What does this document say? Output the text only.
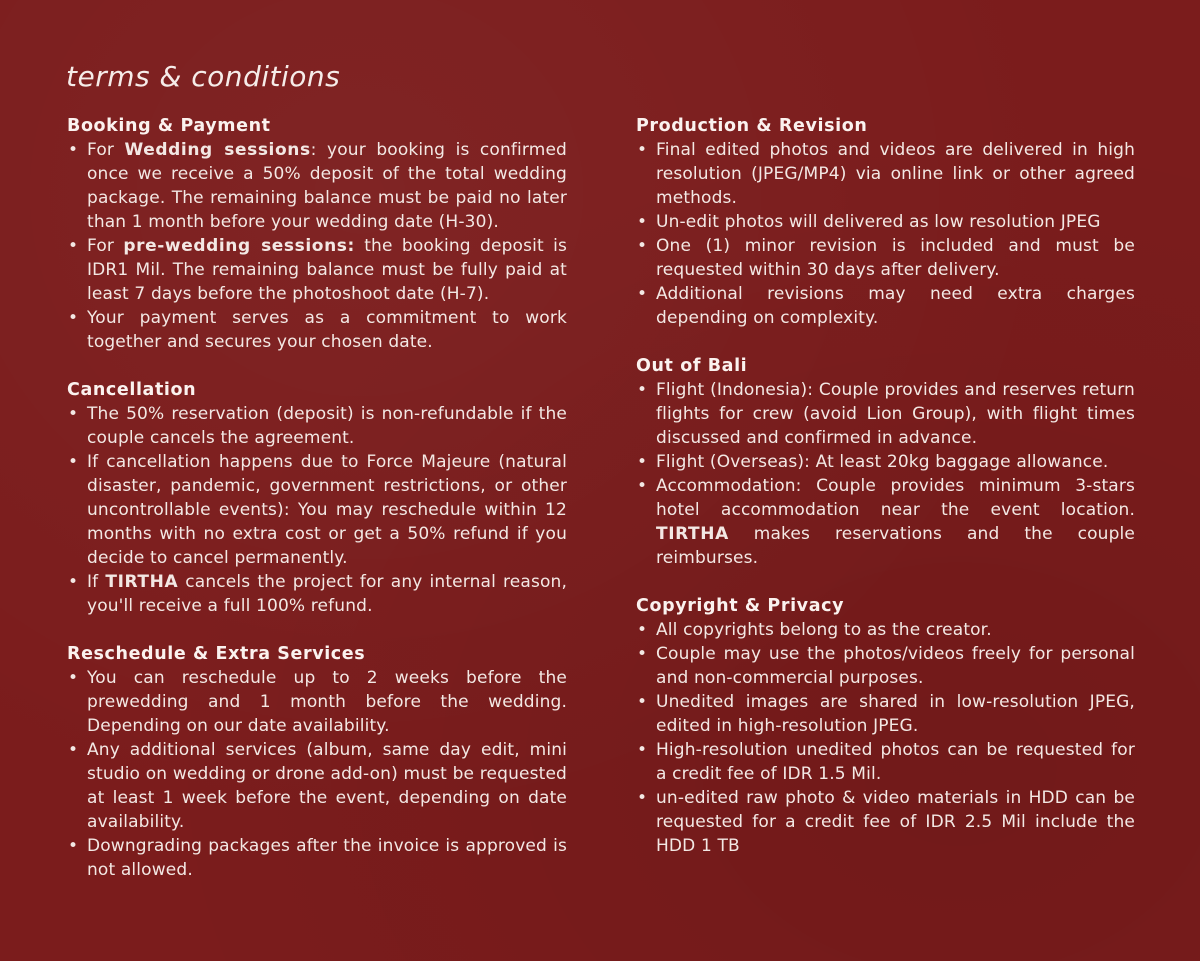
terms & conditions
Booking & Payment
• For Wedding sessions: your booking is confirmed once we receive a 50% deposit of the total wedding package. The remaining balance must be paid no later than 1 month before your wedding date (H-30).
• For pre-wedding sessions: the booking deposit is IDR1 Mil. The remaining balance must be fully paid at least 7 days before the photoshoot date (H-7).
• Your payment serves as a commitment to work together and secures your chosen date.
Cancellation
• The 50% reservation (deposit) is non-refundable if the couple cancels the agreement.
• If cancellation happens due to Force Majeure (natural disaster, pandemic, government restrictions, or other uncontrollable events): You may reschedule within 12 months with no extra cost or get a 50% refund if you decide to cancel permanently.
• If TIRTHA cancels the project for any internal reason, you'll receive a full 100% refund.
Reschedule & Extra Services
• You can reschedule up to 2 weeks before the prewedding and 1 month before the wedding. Depending on our date availability.
• Any additional services (album, same day edit, mini studio on wedding or drone add-on) must be requested at least 1 week before the event, depending on date availability.
• Downgrading packages after the invoice is approved is not allowed.
Production & Revision
• Final edited photos and videos are delivered in high resolution (JPEG/MP4) via online link or other agreed methods.
• Un-edit photos will delivered as low resolution JPEG
• One (1) minor revision is included and must be requested within 30 days after delivery.
• Additional revisions may need extra charges depending on complexity.
Out of Bali
• Flight (Indonesia): Couple provides and reserves return flights for crew (avoid Lion Group), with flight times discussed and confirmed in advance.
• Flight (Overseas): At least 20kg baggage allowance.
• Accommodation: Couple provides minimum 3-stars hotel accommodation near the event location. TIRTHA makes reservations and the couple reimburses.
Copyright & Privacy
• All copyrights belong to as the creator.
• Couple may use the photos/videos freely for personal and non-commercial purposes.
• Unedited images are shared in low-resolution JPEG, edited in high-resolution JPEG.
• High-resolution unedited photos can be requested for a credit fee of IDR 1.5 Mil.
• un-edited raw photo & video materials in HDD can be requested for a credit fee of IDR 2.5 Mil include the HDD 1 TB
